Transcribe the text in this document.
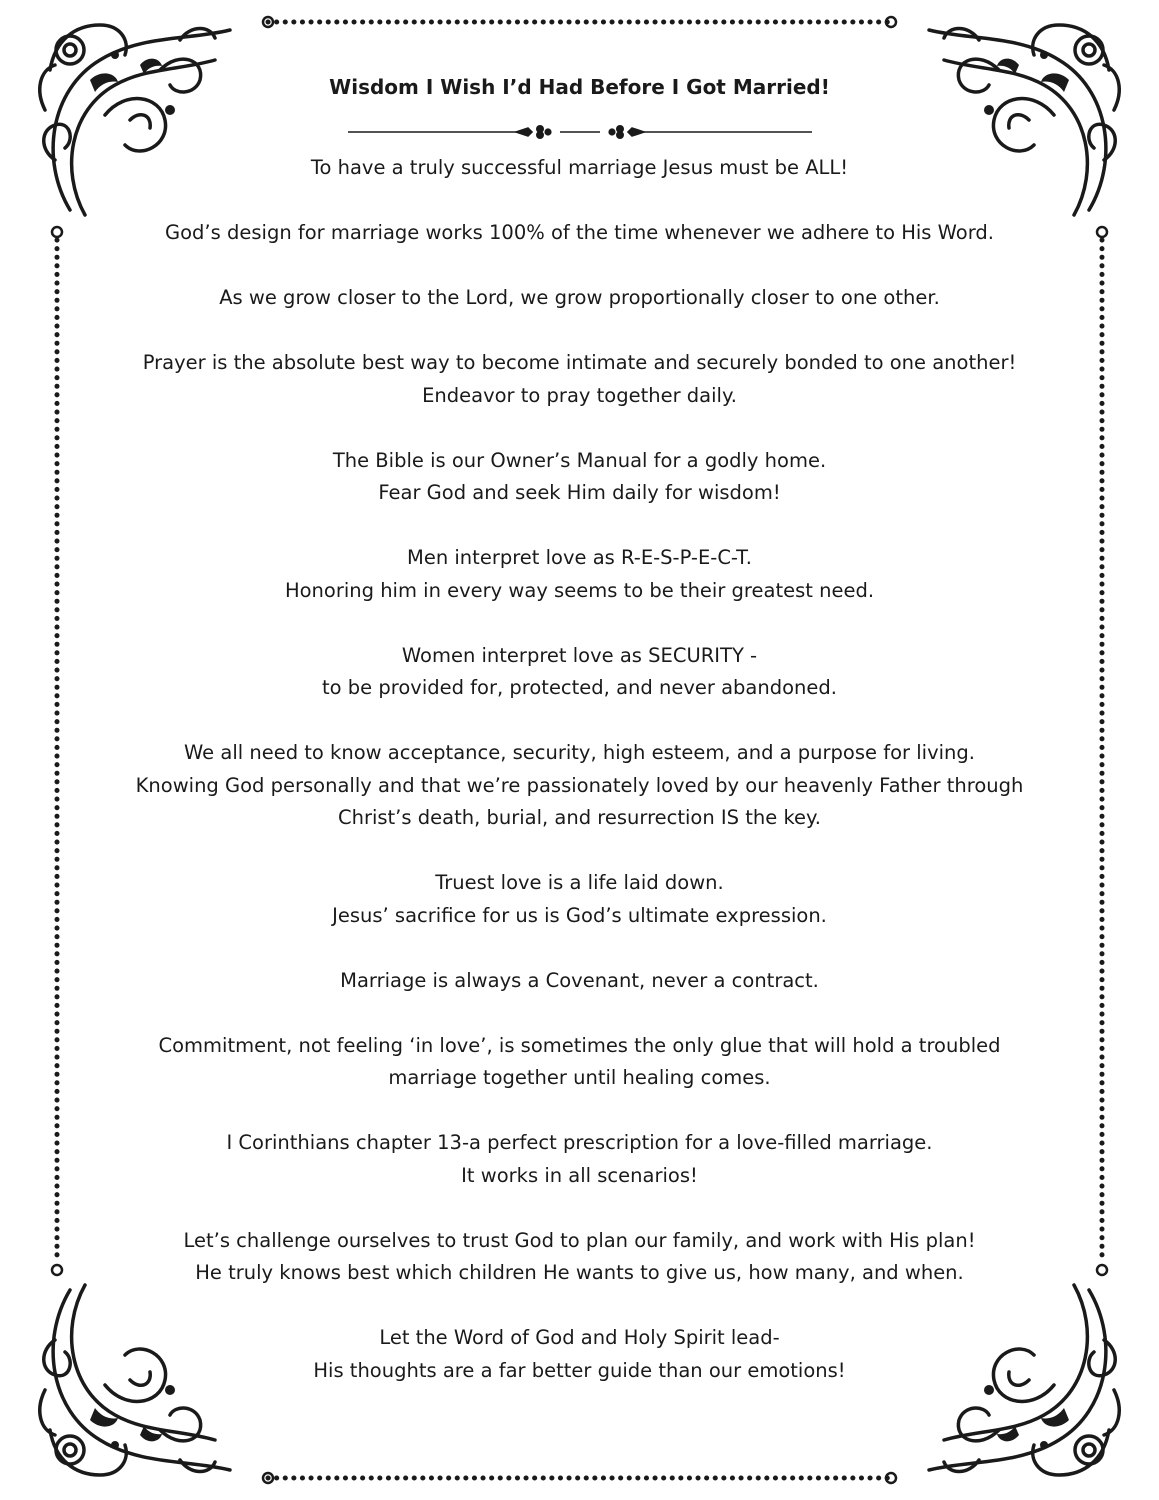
Wisdom I Wish I’d Had Before I Got Married!
To have a truly successful marriage Jesus must be ALL!
God’s design for marriage works 100% of the time whenever we adhere to His Word.
As we grow closer to the Lord, we grow proportionally closer to one other.
Prayer is the absolute best way to become intimate and securely bonded to one another!
Endeavor to pray together daily.
The Bible is our Owner’s Manual for a godly home.
Fear God and seek Him daily for wisdom!
Men interpret love as R-E-S-P-E-C-T.
Honoring him in every way seems to be their greatest need.
Women interpret love as SECURITY -
to be provided for, protected, and never abandoned.
We all need to know acceptance, security, high esteem, and a purpose for living.
Knowing God personally and that we’re passionately loved by our heavenly Father through
Christ’s death, burial, and resurrection IS the key.
Truest love is a life laid down.
Jesus’ sacrifice for us is God’s ultimate expression.
Marriage is always a Covenant, never a contract.
Commitment, not feeling ‘in love’, is sometimes the only glue that will hold a troubled
marriage together until healing comes.
I Corinthians chapter 13-a perfect prescription for a love-filled marriage.
It works in all scenarios!
Let’s challenge ourselves to trust God to plan our family, and work with His plan!
He truly knows best which children He wants to give us, how many, and when.
Let the Word of God and Holy Spirit lead-
His thoughts are a far better guide than our emotions!
